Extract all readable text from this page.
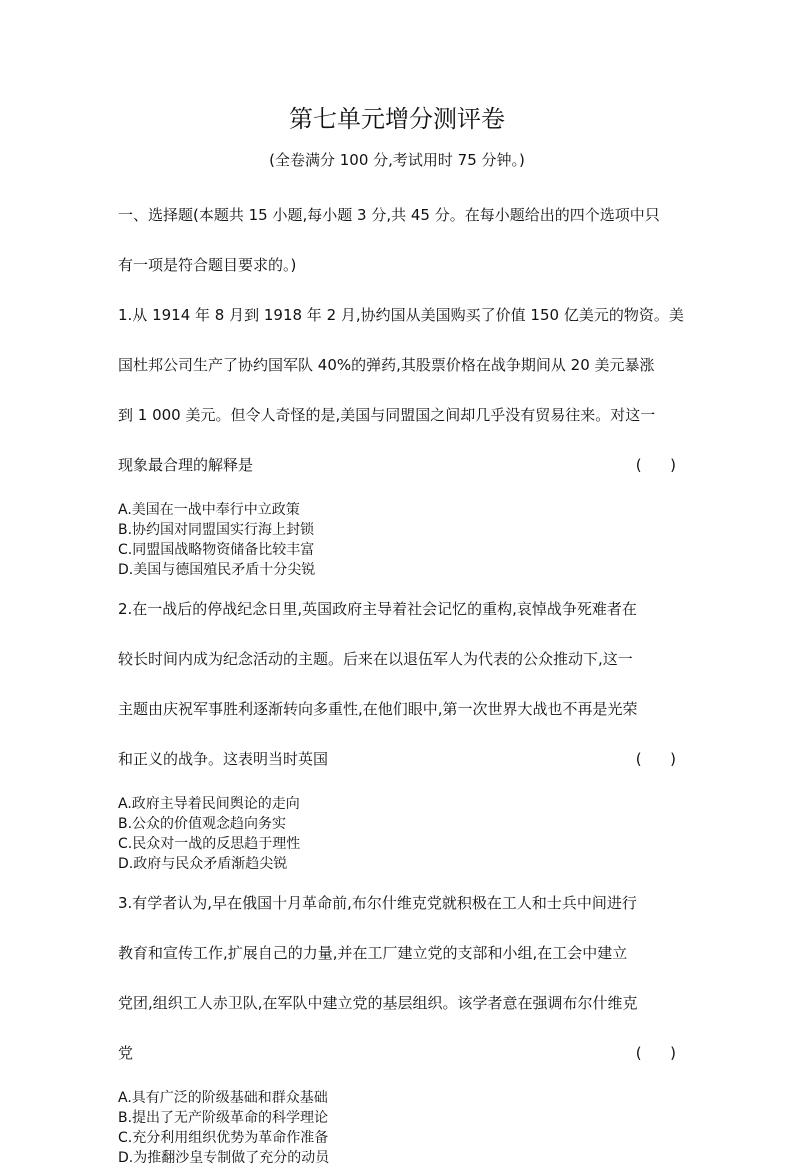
第七单元增分测评卷
(全卷满分 100 分,考试用时 75 分钟。)
一、选择题(本题共 15 小题,每小题 3 分,共 45 分。在每小题给出的四个选项中只
有一项是符合题目要求的。)
1.从 1914 年 8 月到 1918 年 2 月,协约国从美国购买了价值 150 亿美元的物资。美
国杜邦公司生产了协约国军队 40%的弹药,其股票价格在战争期间从 20 美元暴涨
到 1 000 美元。但令人奇怪的是,美国与同盟国之间却几乎没有贸易往来。对这一
现象最合理的解释是	(      )
A.美国在一战中奉行中立政策
B.协约国对同盟国实行海上封锁
C.同盟国战略物资储备比较丰富
D.美国与德国殖民矛盾十分尖锐
2.在一战后的停战纪念日里,英国政府主导着社会记忆的重构,哀悼战争死难者在
较长时间内成为纪念活动的主题。后来在以退伍军人为代表的公众推动下,这一
主题由庆祝军事胜利逐渐转向多重性,在他们眼中,第一次世界大战也不再是光荣
和正义的战争。这表明当时英国	(      )
A.政府主导着民间舆论的走向
B.公众的价值观念趋向务实
C.民众对一战的反思趋于理性
D.政府与民众矛盾渐趋尖锐
3.有学者认为,早在俄国十月革命前,布尔什维克党就积极在工人和士兵中间进行
教育和宣传工作,扩展自己的力量,并在工厂建立党的支部和小组,在工会中建立
党团,组织工人赤卫队,在军队中建立党的基层组织。该学者意在强调布尔什维克
党	(      )
A.具有广泛的阶级基础和群众基础
B.提出了无产阶级革命的科学理论
C.充分利用组织优势为革命作准备
D.为推翻沙皇专制做了充分的动员
